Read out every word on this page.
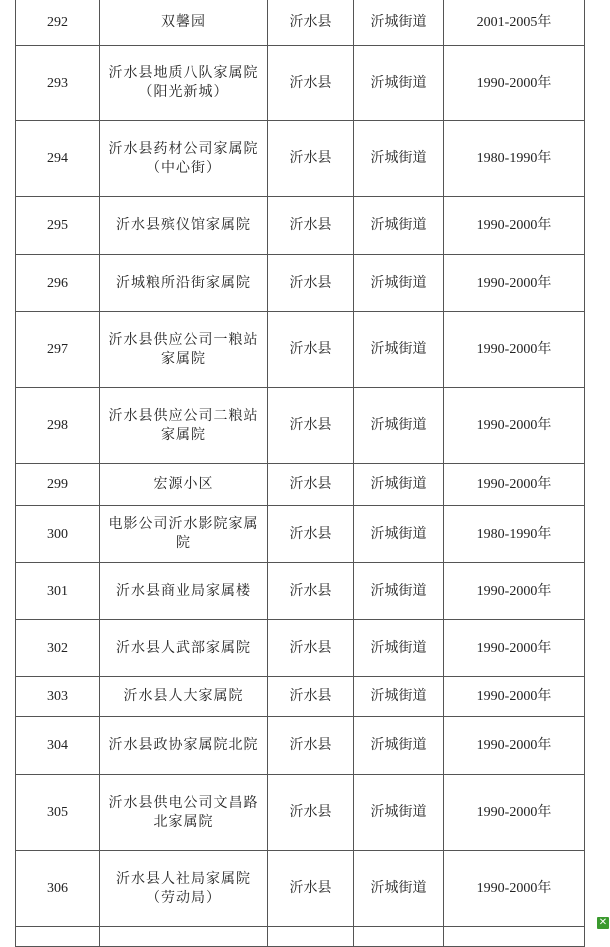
292	双馨园	沂水县	沂城街道	2001-2005年
293	沂水县地质八队家属院（阳光新城）	沂水县	沂城街道	1990-2000年
294	沂水县药材公司家属院（中心街）	沂水县	沂城街道	1980-1990年
295	沂水县殡仪馆家属院	沂水县	沂城街道	1990-2000年
296	沂城粮所沿街家属院	沂水县	沂城街道	1990-2000年
297	沂水县供应公司一粮站家属院	沂水县	沂城街道	1990-2000年
298	沂水县供应公司二粮站家属院	沂水县	沂城街道	1990-2000年
299	宏源小区	沂水县	沂城街道	1990-2000年
300	电影公司沂水影院家属院	沂水县	沂城街道	1980-1990年
301	沂水县商业局家属楼	沂水县	沂城街道	1990-2000年
302	沂水县人武部家属院	沂水县	沂城街道	1990-2000年
303	沂水县人大家属院	沂水县	沂城街道	1990-2000年
304	沂水县政协家属院北院	沂水县	沂城街道	1990-2000年
305	沂水县供电公司文昌路北家属院	沂水县	沂城街道	1990-2000年
306	沂水县人社局家属院（劳动局）	沂水县	沂城街道	1990-2000年

✕
